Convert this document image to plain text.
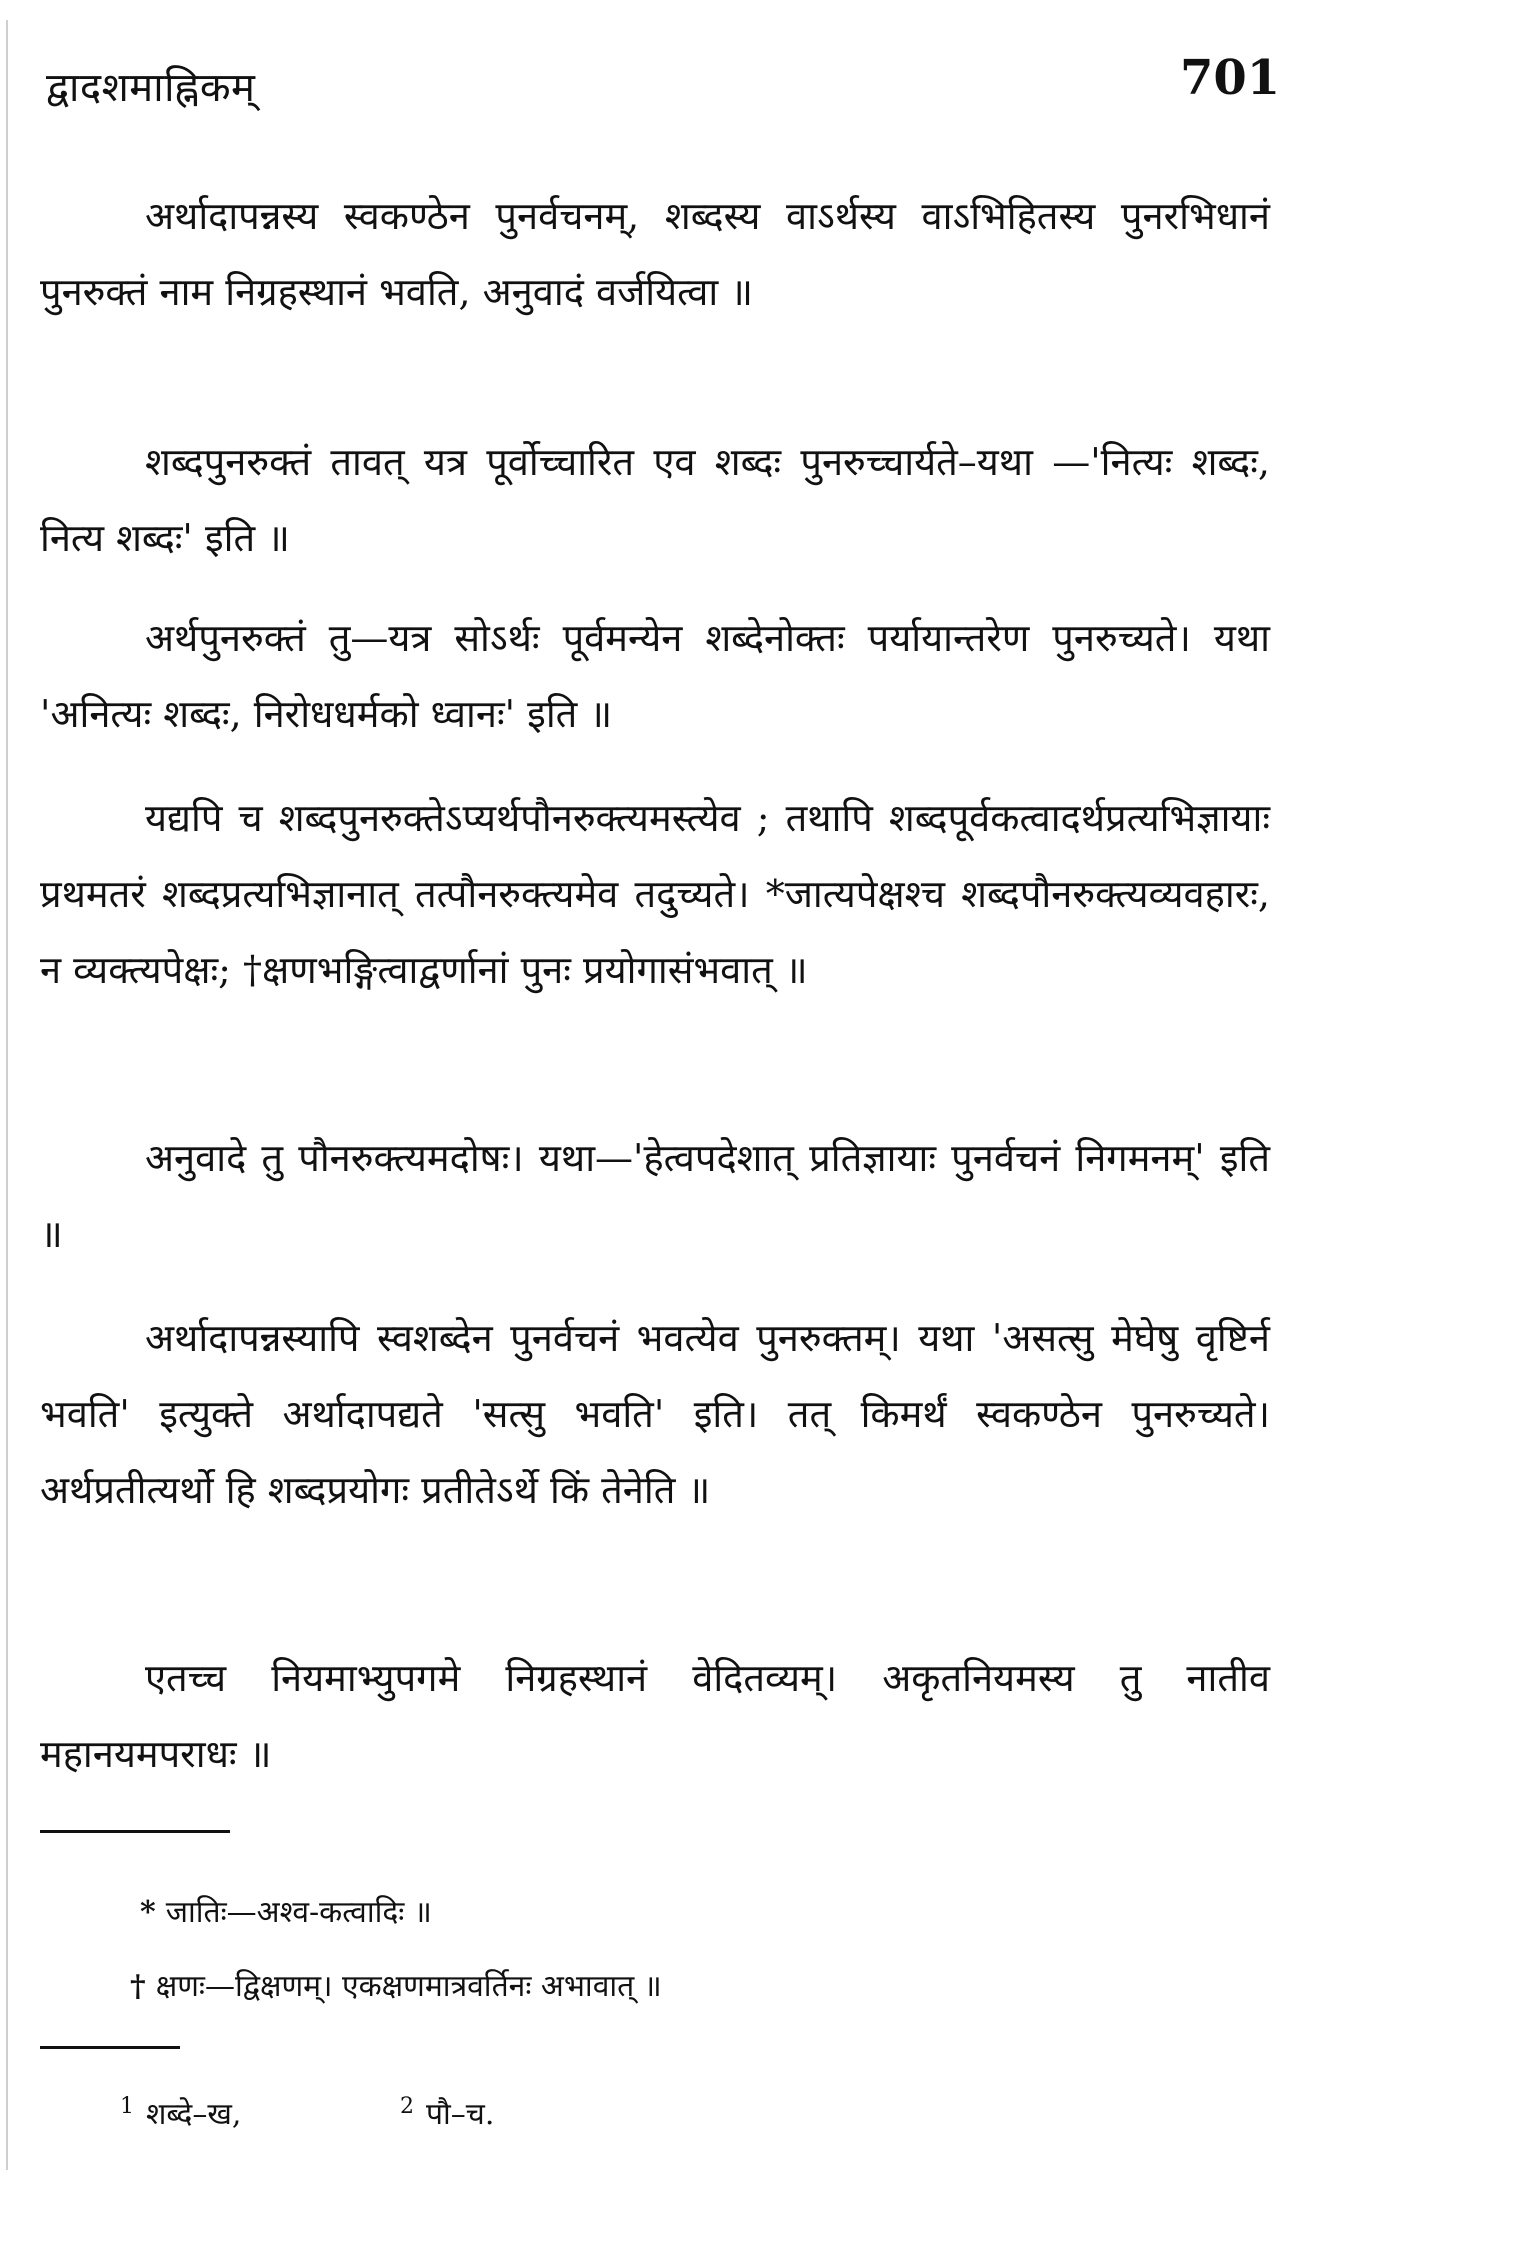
द्वादशमाह्निकम्	701

अर्थादापन्नस्य स्वकण्ठेन पुनर्वचनम्, शब्दस्य वाऽर्थस्य वाऽभिहितस्य पुनरभिधानं पुनरुक्तं नाम निग्रहस्थानं भवति, अनुवादं वर्जयित्वा ॥

शब्दपुनरुक्तं तावत् यत्र पूर्वोच्चारित एव शब्दः पुनरुच्चार्यते–यथा —'नित्यः शब्दः, नित्य शब्दः' इति ॥

अर्थपुनरुक्तं तु—यत्र सोऽर्थः पूर्वमन्येन शब्देनोक्तः पर्यायान्तरेण पुनरुच्यते। यथा 'अनित्यः शब्दः, निरोधधर्मको ध्वानः' इति ॥

यद्यपि च शब्दपुनरुक्तेऽप्यर्थपौनरुक्त्यमस्त्येव ; तथापि शब्दपूर्वकत्वादर्थप्रत्यभिज्ञायाः प्रथमतरं शब्दप्रत्यभिज्ञानात् तत्पौनरुक्त्यमेव तदुच्यते। *जात्यपेक्षश्च शब्दपौनरुक्त्यव्यवहारः, न व्यक्त्यपेक्षः; †क्षणभङ्गित्वाद्वर्णानां पुनः प्रयोगासंभवात् ॥

अनुवादे तु पौनरुक्त्यमदोषः। यथा—'हेत्वपदेशात् प्रतिज्ञायाः पुनर्वचनं निगमनम्' इति ॥

अर्थादापन्नस्यापि स्वशब्देन पुनर्वचनं भवत्येव पुनरुक्तम्। यथा 'असत्सु मेघेषु वृष्टिर्न भवति' इत्युक्ते अर्थादापद्यते 'सत्सु भवति' इति। तत् किमर्थं स्वकण्ठेन पुनरुच्यते। अर्थप्रतीत्यर्थो हि शब्दप्रयोगः प्रतीतेऽर्थे किं तेनेति ॥

एतच्च नियमाभ्युपगमे निग्रहस्थानं वेदितव्यम्। अकृतनियमस्य तु नातीव महानयमपराधः ॥

* जातिः—अश्व-कत्वादिः ॥
† क्षणः—द्विक्षणम्। एकक्षणमात्रवर्तिनः अभावात् ॥
$^1$ शब्दे–ख,	$^2$ पौ–च.
